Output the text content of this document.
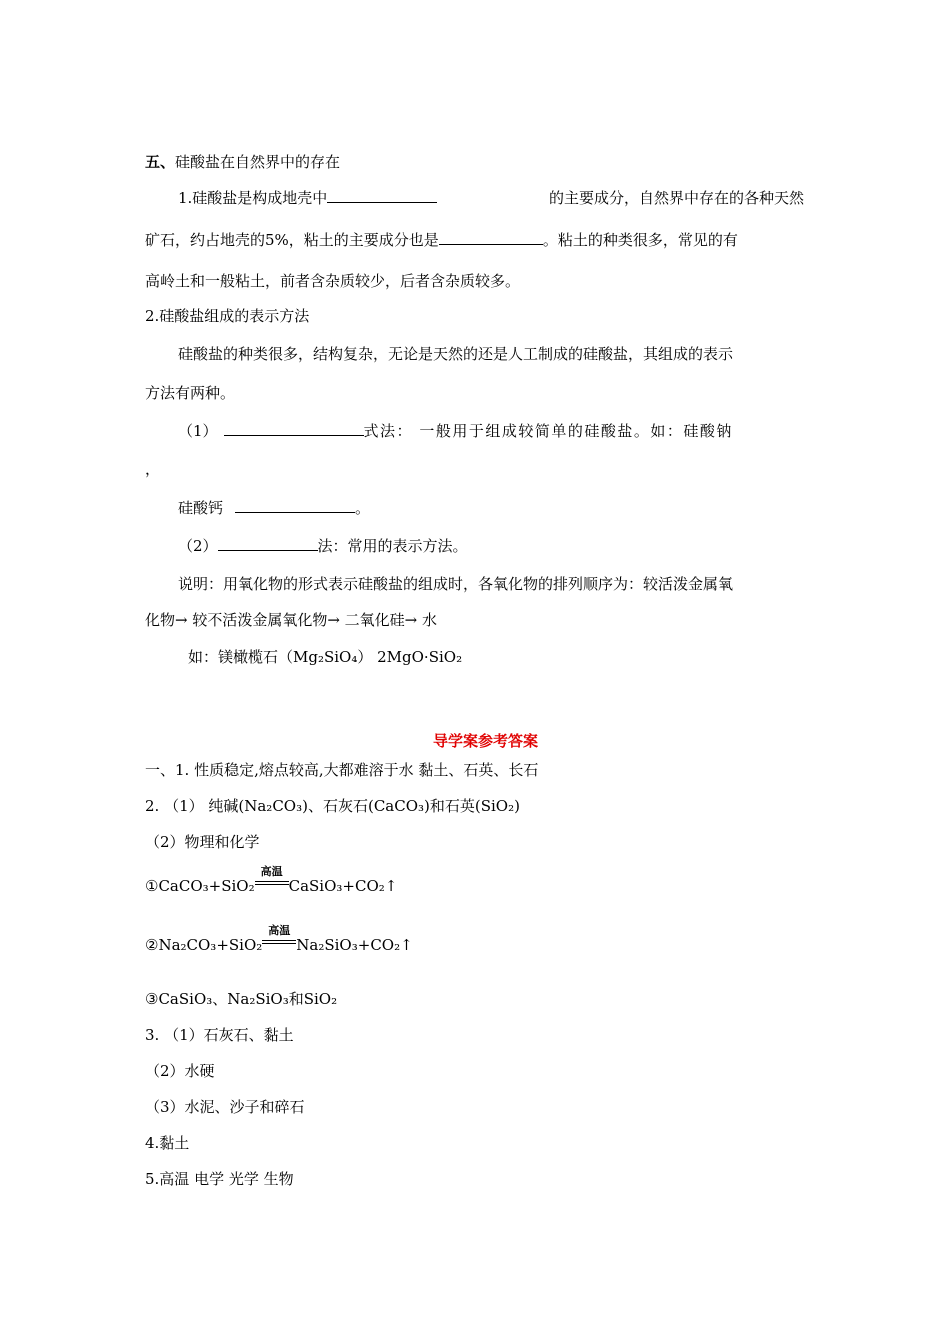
五、硅酸盐在自然界中的存在
1.硅酸盐是构成地壳中	的主要成分，自然界中存在的各种天然
矿石，约占地壳的5%，粘土的主要成分也是	。粘土的种类很多，常见的有
高岭土和一般粘土，前者含杂质较少，后者含杂质较多。
2.硅酸盐组成的表示方法
硅酸盐的种类很多，结构复杂，无论是天然的还是人工制成的硅酸盐，其组成的表示
方法有两种。
（1）	式法： 一般用于组成较简单的硅酸盐。如：硅酸钠
，
硅酸钙	。
（2）	法：常用的表示方法。
说明：用氧化物的形式表示硅酸盐的组成时，各氧化物的排列顺序为：较活泼金属氧
化物→ 较不活泼金属氧化物→ 二氧化硅→ 水
如：镁橄榄石（Mg₂SiO₄） 2MgO·SiO₂
导学案参考答案
一、1. 性质稳定,熔点较高,大都难溶于水 黏土、石英、长石
2. （1） 纯碱(Na₂CO₃)、石灰石(CaCO₃)和石英(SiO₂)
（2）物理和化学
①CaCO₃+SiO₂
高温
CaSiO₃+CO₂↑
②Na₂CO₃+SiO₂
高温
Na₂SiO₃+CO₂↑
③CaSiO₃、Na₂SiO₃和SiO₂
3. （1）石灰石、黏土
（2）水硬
（3）水泥、沙子和碎石
4.黏土
5.高温 电学 光学 生物
